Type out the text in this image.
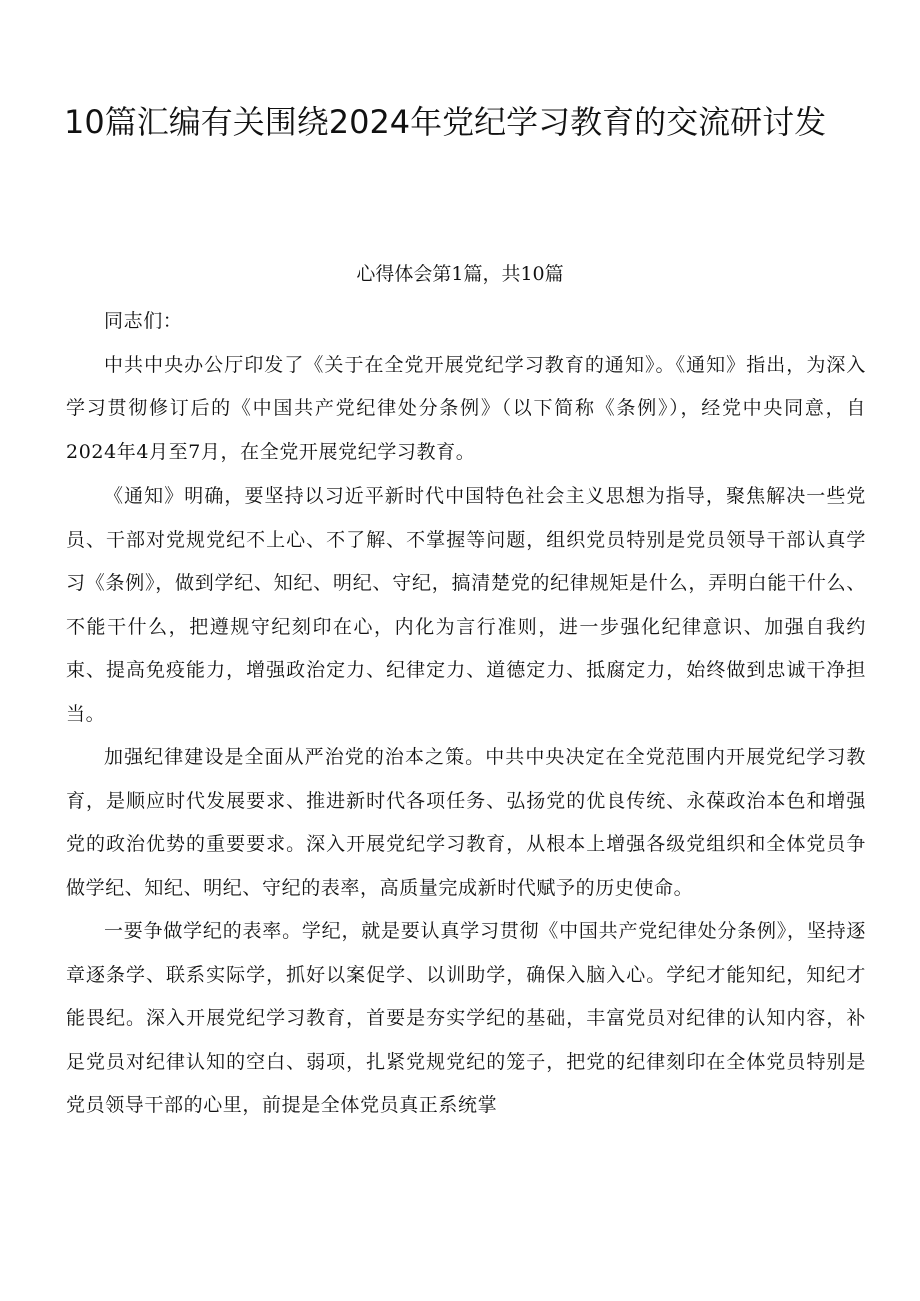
10篇汇编有关围绕2024年党纪学习教育的交流研讨发
心得体会第1篇，共10篇

同志们：

中共中央办公厅印发了《关于在全党开展党纪学习教育的通知》。《通知》指出，为深入学习贯彻修订后的《中国共产党纪律处分条例》（以下简称《条例》），经党中央同意，自2024年4月至7月，在全党开展党纪学习教育。

《通知》明确，要坚持以习近平新时代中国特色社会主义思想为指导，聚焦解决一些党员、干部对党规党纪不上心、不了解、不掌握等问题，组织党员特别是党员领导干部认真学习《条例》，做到学纪、知纪、明纪、守纪，搞清楚党的纪律规矩是什么，弄明白能干什么、不能干什么，把遵规守纪刻印在心，内化为言行准则，进一步强化纪律意识、加强自我约束、提高免疫能力，增强政治定力、纪律定力、道德定力、抵腐定力，始终做到忠诚干净担当。

加强纪律建设是全面从严治党的治本之策。中共中央决定在全党范围内开展党纪学习教育，是顺应时代发展要求、推进新时代各项任务、弘扬党的优良传统、永葆政治本色和增强党的政治优势的重要要求。深入开展党纪学习教育，从根本上增强各级党组织和全体党员争做学纪、知纪、明纪、守纪的表率，高质量完成新时代赋予的历史使命。

一要争做学纪的表率。学纪，就是要认真学习贯彻《中国共产党纪律处分条例》，坚持逐章逐条学、联系实际学，抓好以案促学、以训助学，确保入脑入心。学纪才能知纪，知纪才能畏纪。深入开展党纪学习教育，首要是夯实学纪的基础，丰富党员对纪律的认知内容，补足党员对纪律认知的空白、弱项，扎紧党规党纪的笼子，把党的纪律刻印在全体党员特别是党员领导干部的心里，前提是全体党员真正系统掌
